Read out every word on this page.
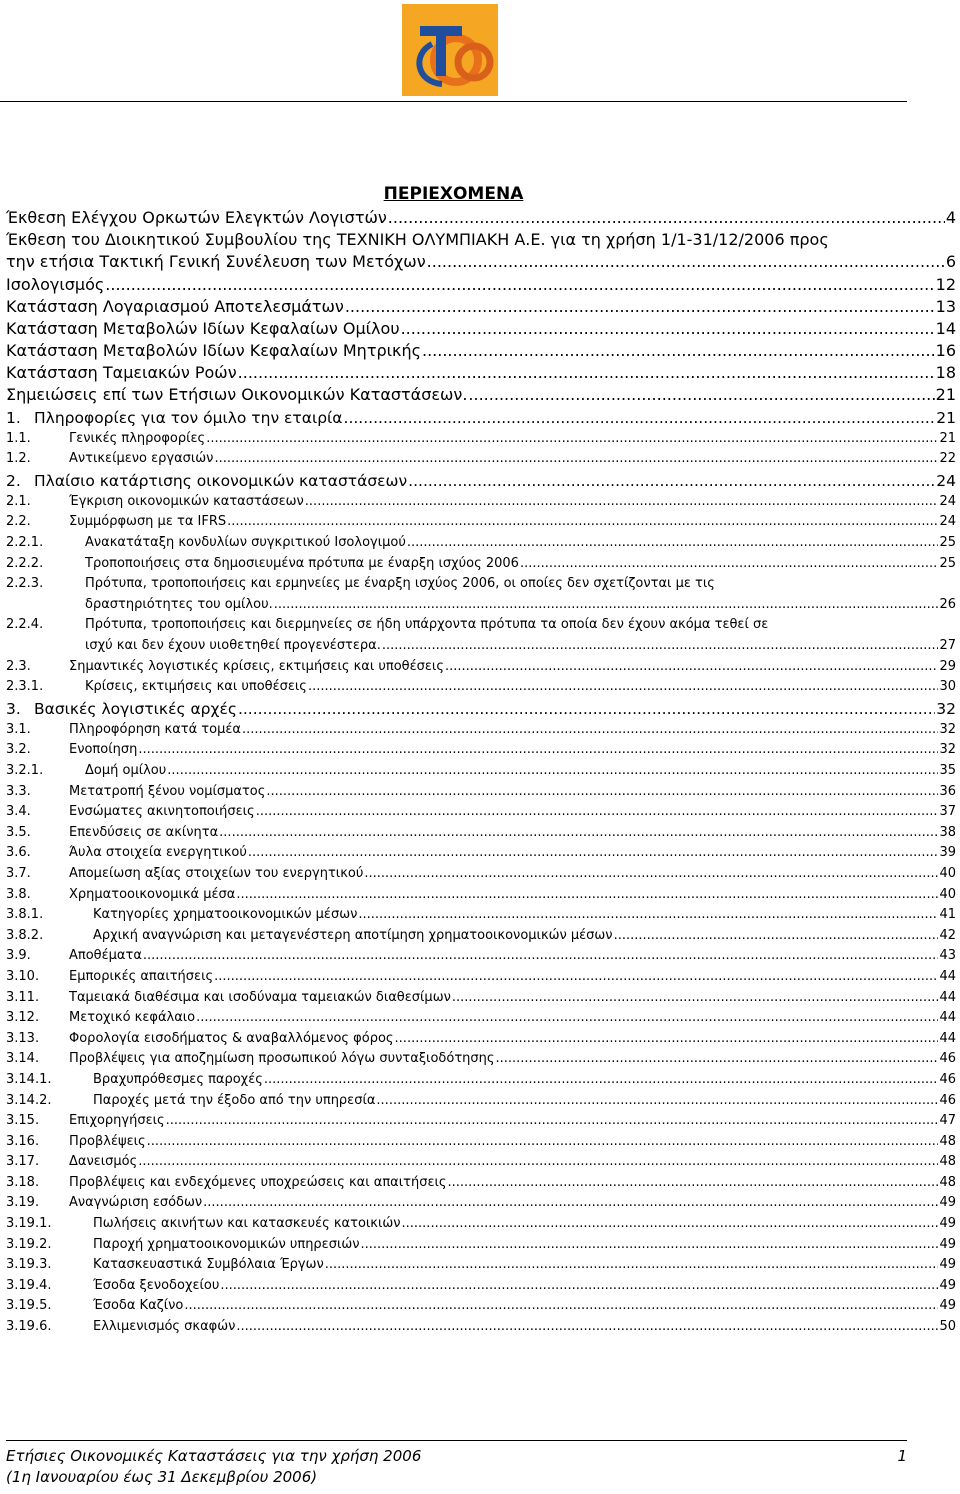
ΠΕΡΙΕΧΟΜΕΝΑ
Έκθεση Ελέγχου Ορκωτών Ελεγκτών Λογιστών .....	4
Έκθεση του Διοικητικού Συμβουλίου της ΤΕΧΝΙΚΗ ΟΛΥΜΠΙΑΚΗ Α.Ε. για τη χρήση 1/1-31/12/2006 προς
την ετήσια Τακτική Γενική Συνέλευση των Μετόχων .....	6
Ισολογισμός .....	12
Κατάσταση Λογαριασμού Αποτελεσμάτων .....	13
Κατάσταση Μεταβολών Ιδίων Κεφαλαίων Ομίλου .....	14
Κατάσταση Μεταβολών Ιδίων Κεφαλαίων Μητρικής .....	16
Κατάσταση Ταμειακών Ροών .....	18
Σημειώσεις επί των Ετήσιων Οικονομικών Καταστάσεων. .....	21
1. Πληροφορίες για τον όμιλο την εταιρία .....	21
1.1.	Γενικές πληροφορίες .....	21
1.2.	Αντικείμενο εργασιών .....	22
2. Πλαίσιο κατάρτισης οικονομικών καταστάσεων .....	24
2.1.	Έγκριση οικονομικών καταστάσεων .....	24
2.2.	Συμμόρφωση με τα IFRS .....	24
2.2.1.	Ανακατάταξη κονδυλίων συγκριτικού Ισολογιμού .....	25
2.2.2.	Τροποποιήσεις στα δημοσιευμένα πρότυπα με έναρξη ισχύος 2006 .....	25
2.2.3.	Πρότυπα, τροποποιήσεις και ερμηνείες με έναρξη ισχύος 2006, οι οποίες δεν σχετίζονται με τις
δραστηριότητες του ομίλου. .....	26
2.2.4.	Πρότυπα, τροποποιήσεις και διερμηνείες σε ήδη υπάρχοντα πρότυπα τα οποία δεν έχουν ακόμα τεθεί σε
ισχύ και δεν έχουν υιοθετηθεί προγενέστερα. .....	27
2.3.	Σημαντικές λογιστικές κρίσεις, εκτιμήσεις και υποθέσεις .....	29
2.3.1.	Κρίσεις, εκτιμήσεις και υποθέσεις .....	30
3. Βασικές λογιστικές αρχές .....	32
3.1.	Πληροφόρηση κατά τομέα .....	32
3.2.	Ενοποίηση .....	32
3.2.1.	Δομή ομίλου .....	35
3.3.	Μετατροπή ξένου νομίσματος .....	36
3.4.	Ενσώματες ακινητοποιήσεις .....	37
3.5.	Επενδύσεις σε ακίνητα .....	38
3.6.	Άυλα στοιχεία ενεργητικού .....	39
3.7.	Απομείωση αξίας στοιχείων του ενεργητικού .....	40
3.8.	Χρηματοοικονομικά μέσα .....	40
3.8.1.	Κατηγορίες χρηματοοικονομικών μέσων .....	41
3.8.2.	Αρχική αναγνώριση και μεταγενέστερη αποτίμηση χρηματοοικονομικών μέσων .....	42
3.9.	Αποθέματα .....	43
3.10.	Εμπορικές απαιτήσεις .....	44
3.11.	Ταμειακά διαθέσιμα και ισοδύναμα ταμειακών διαθεσίμων .....	44
3.12.	Μετοχικό κεφάλαιο .....	44
3.13.	Φορολογία εισοδήματος & αναβαλλόμενος φόρος .....	44
3.14.	Προβλέψεις για αποζημίωση προσωπικού λόγω συνταξιοδότησης .....	46
3.14.1.	Βραχυπρόθεσμες παροχές .....	46
3.14.2.	Παροχές μετά την έξοδο από την υπηρεσία .....	46
3.15.	Επιχορηγήσεις .....	47
3.16.	Προβλέψεις .....	48
3.17.	Δανεισμός .....	48
3.18.	Προβλέψεις και ενδεχόμενες υποχρεώσεις και απαιτήσεις .....	48
3.19.	Αναγνώριση εσόδων .....	49
3.19.1.	Πωλήσεις ακινήτων και κατασκευές κατοικιών .....	49
3.19.2.	Παροχή χρηματοοικονομικών υπηρεσιών .....	49
3.19.3.	Κατασκευαστικά Συμβόλαια Έργων .....	49
3.19.4.	Έσοδα ξενοδοχείου .....	49
3.19.5.	Έσοδα Καζίνο .....	49
3.19.6.	Ελλιμενισμός σκαφών .....	50
Ετήσιες Οικονομικές Καταστάσεις για την χρήση 2006	1
(1η Ιανουαρίου έως 31 Δεκεμβρίου 2006)
